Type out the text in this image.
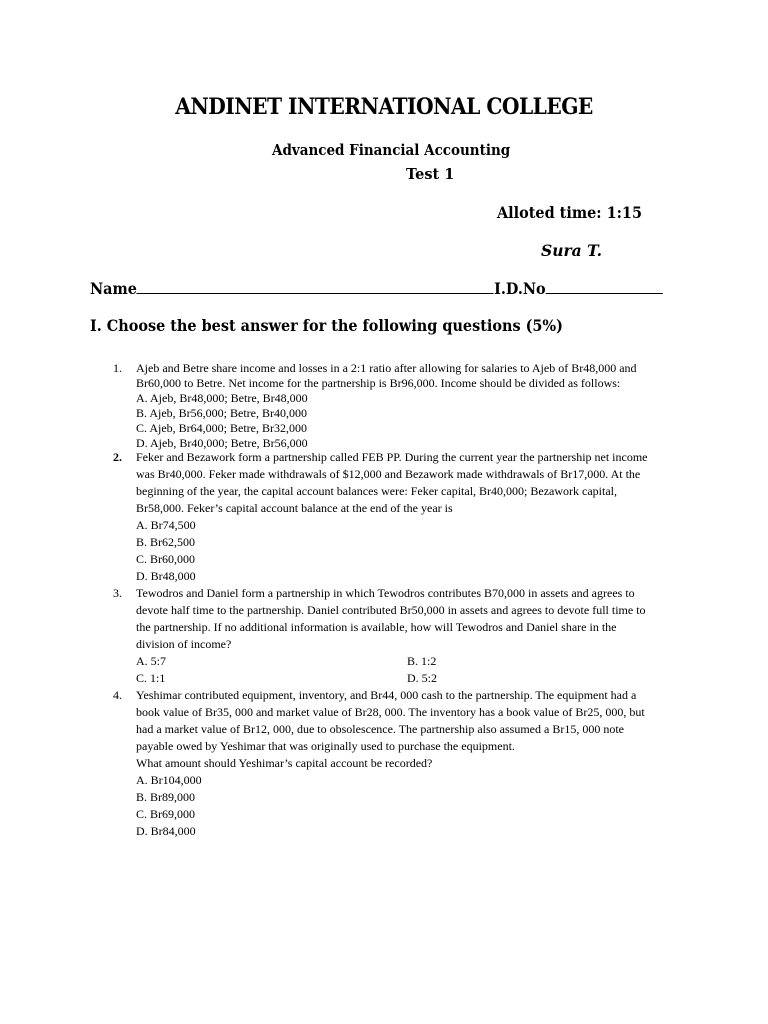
ANDINET INTERNATIONAL COLLEGE
Advanced Financial Accounting
Test 1
Alloted time: 1:15
Sura T.
Name	I.D.No
I. Choose the best answer for the following questions (5%)
1. Ajeb and Betre share income and losses in a 2:1 ratio after allowing for salaries to Ajeb of Br48,000 and
Br60,000 to Betre. Net income for the partnership is Br96,000. Income should be divided as follows:
A. Ajeb, Br48,000; Betre, Br48,000
B. Ajeb, Br56,000; Betre, Br40,000
C. Ajeb, Br64,000; Betre, Br32,000
D. Ajeb, Br40,000; Betre, Br56,000
2. Feker and Bezawork form a partnership called FEB PP. During the current year the partnership net income
was Br40,000. Feker made withdrawals of $12,000 and Bezawork made withdrawals of Br17,000. At the
beginning of the year, the capital account balances were: Feker capital, Br40,000; Bezawork capital,
Br58,000. Feker’s capital account balance at the end of the year is
A. Br74,500
B. Br62,500
C. Br60,000
D. Br48,000
3. Tewodros and Daniel form a partnership in which Tewodros contributes B70,000 in assets and agrees to
devote half time to the partnership. Daniel contributed Br50,000 in assets and agrees to devote full time to
the partnership. If no additional information is available, how will Tewodros and Daniel share in the
division of income?
A. 5:7	B. 1:2
C. 1:1	D. 5:2
4. Yeshimar contributed equipment, inventory, and Br44, 000 cash to the partnership. The equipment had a
book value of Br35, 000 and market value of Br28, 000. The inventory has a book value of Br25, 000, but
had a market value of Br12, 000, due to obsolescence. The partnership also assumed a Br15, 000 note
payable owed by Yeshimar that was originally used to purchase the equipment.
What amount should Yeshimar’s capital account be recorded?
A. Br104,000
B. Br89,000
C. Br69,000
D. Br84,000
